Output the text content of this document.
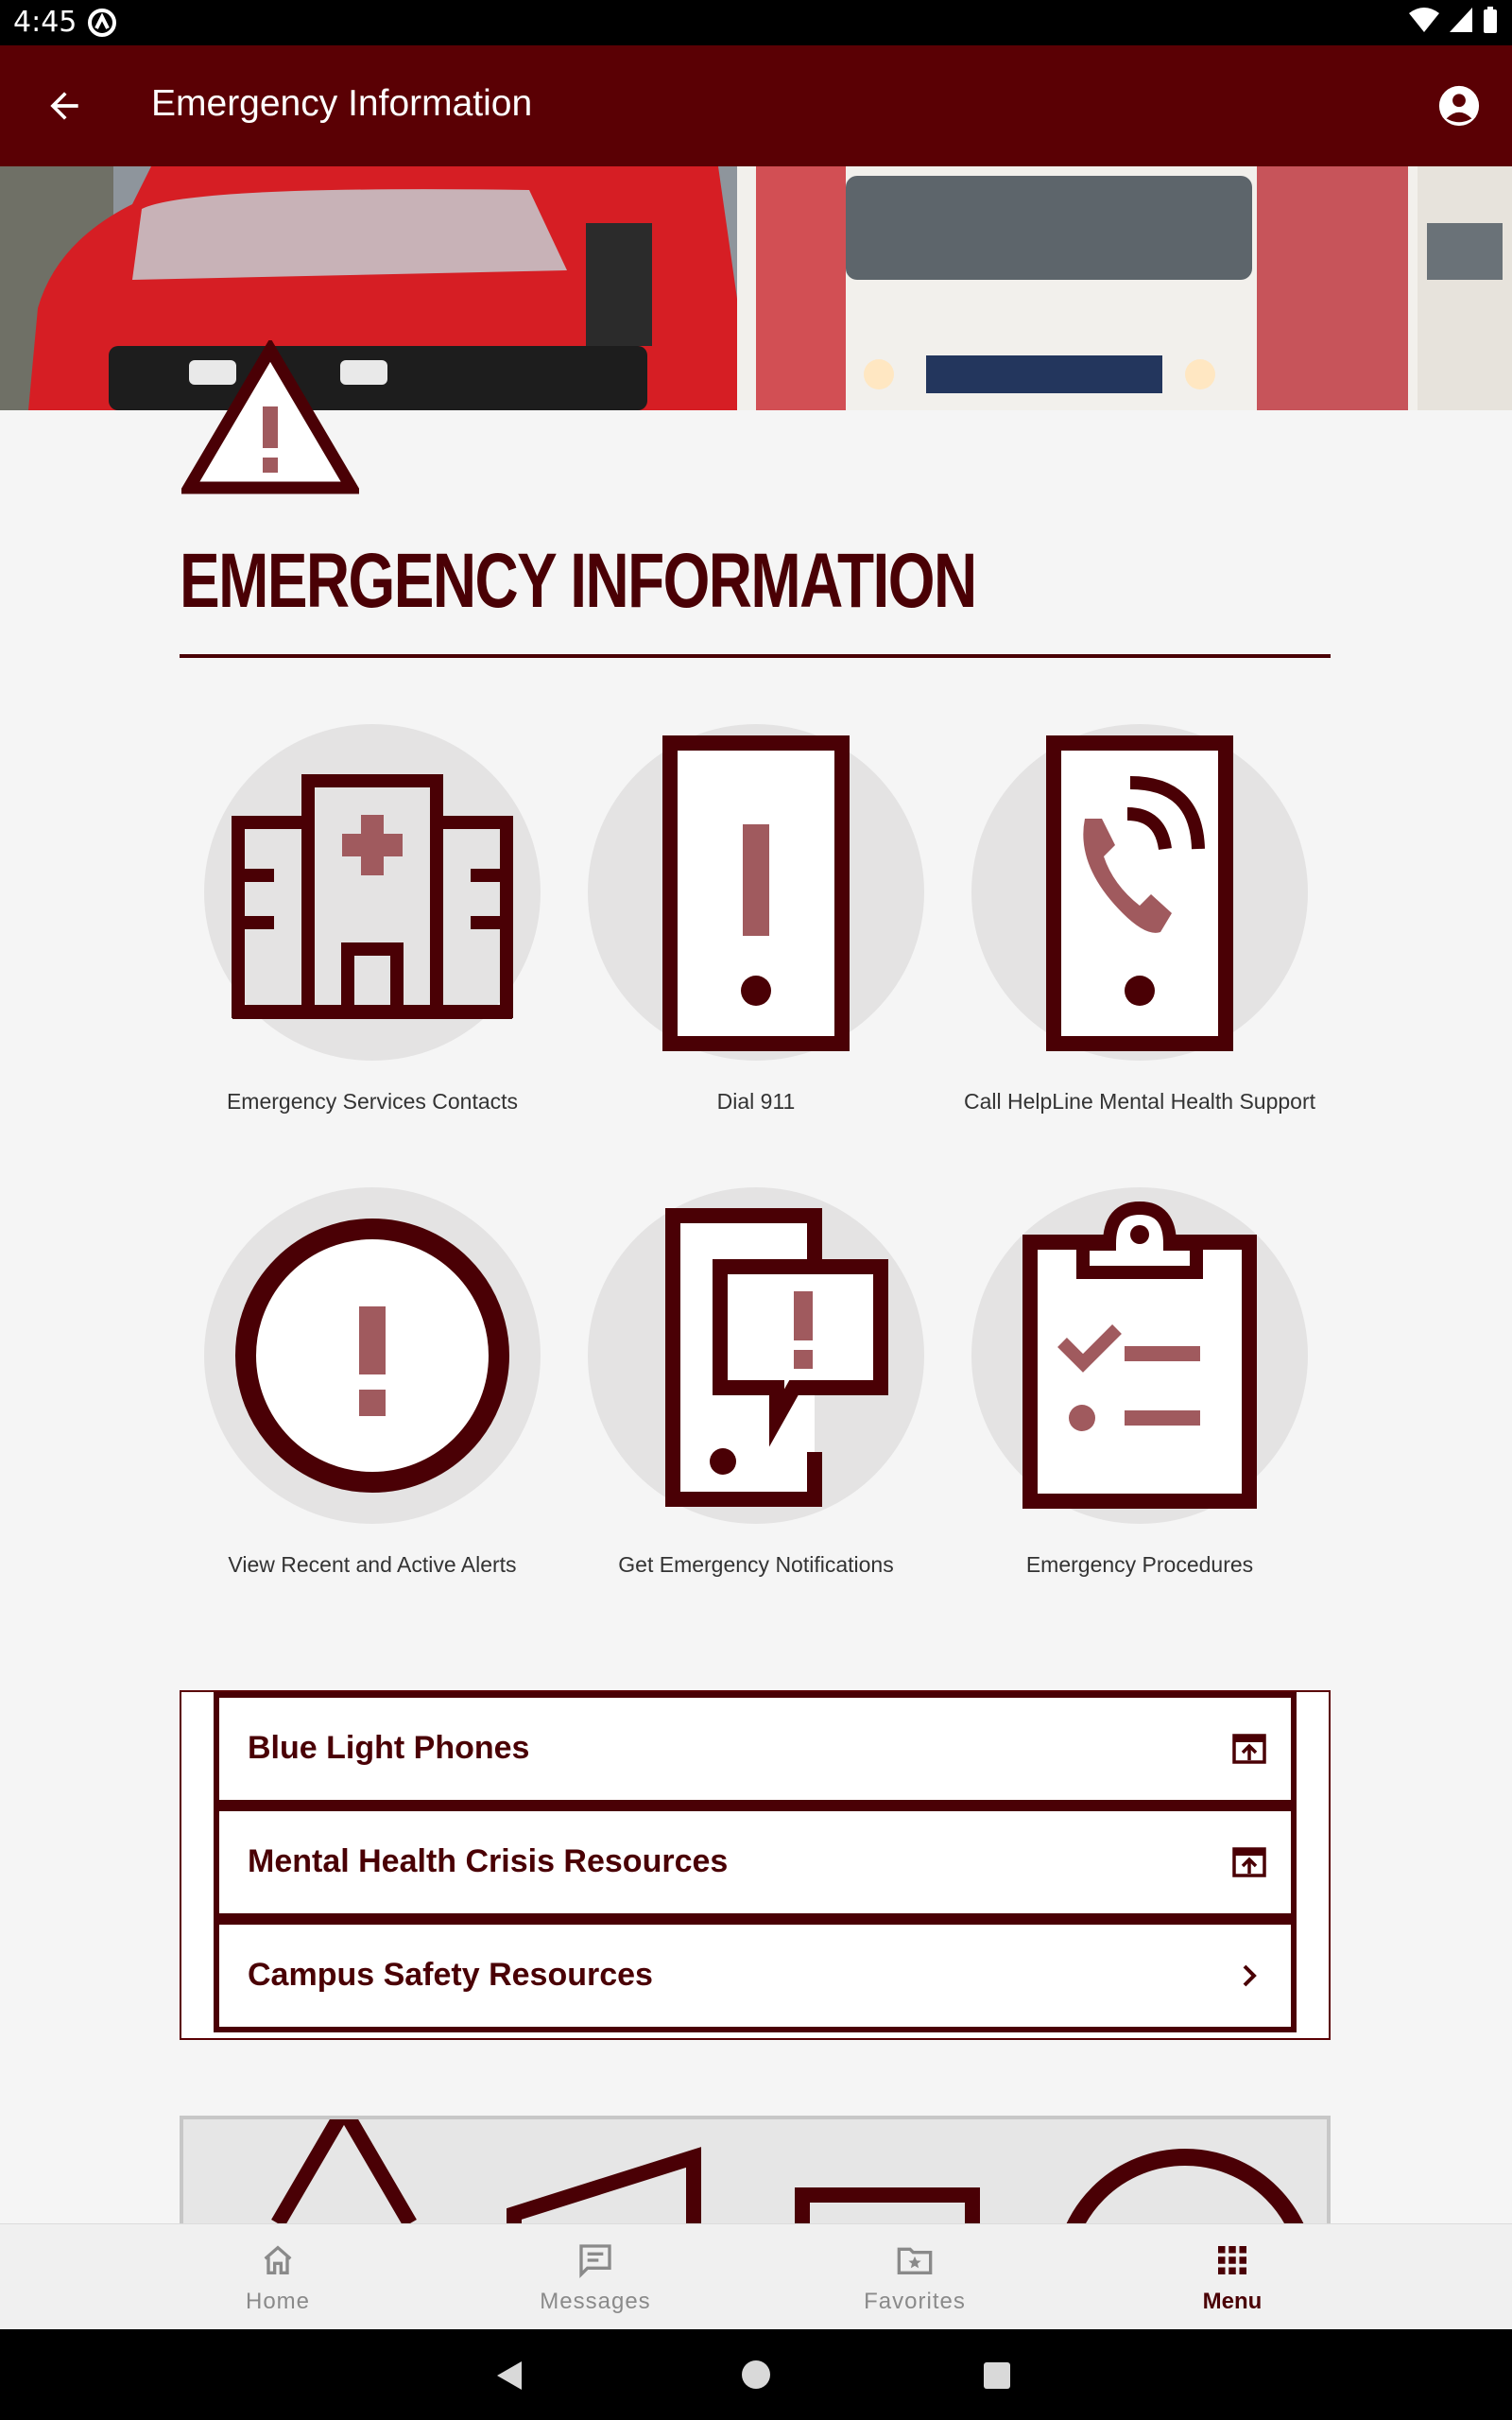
4:45
Emergency Information
EMERGENCY INFORMATION
Emergency Services Contacts	Dial 911	Call HelpLine Mental Health Support
View Recent and Active Alerts	Get Emergency Notifications	Emergency Procedures
Blue Light Phones
Mental Health Crisis Resources
Campus Safety Resources
Home	Messages	Favorites	Menu
